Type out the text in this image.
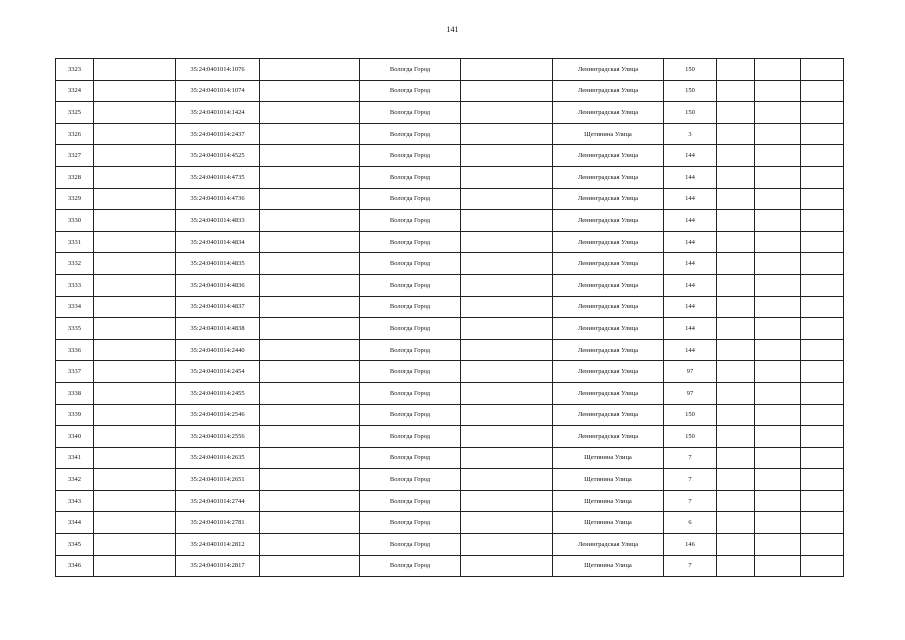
141
3323		35:24:0401014:1076		Вологда Город		Ленинградская Улица	150			
3324		35:24:0401014:1074		Вологда Город		Ленинградская Улица	150			
3325		35:24:0401014:1424		Вологда Город		Ленинградская Улица	150			
3326		35:24:0401014:2437		Вологда Город		Щетинина Улица	3			
3327		35:24:0401014:4525		Вологда Город		Ленинградская Улица	144			
3328		35:24:0401014:4735		Вологда Город		Ленинградская Улица	144			
3329		35:24:0401014:4736		Вологда Город		Ленинградская Улица	144			
3330		35:24:0401014:4833		Вологда Город		Ленинградская Улица	144			
3331		35:24:0401014:4834		Вологда Город		Ленинградская Улица	144			
3332		35:24:0401014:4835		Вологда Город		Ленинградская Улица	144			
3333		35:24:0401014:4836		Вологда Город		Ленинградская Улица	144			
3334		35:24:0401014:4837		Вологда Город		Ленинградская Улица	144			
3335		35:24:0401014:4838		Вологда Город		Ленинградская Улица	144			
3336		35:24:0401014:2440		Вологда Город		Ленинградская Улица	144			
3337		35:24:0401014:2454		Вологда Город		Ленинградская Улица	97			
3338		35:24:0401014:2455		Вологда Город		Ленинградская Улица	97			
3339		35:24:0401014:2546		Вологда Город		Ленинградская Улица	150			
3340		35:24:0401014:2556		Вологда Город		Ленинградская Улица	150			
3341		35:24:0401014:2635		Вологда Город		Щетинина Улица	7			
3342		35:24:0401014:2651		Вологда Город		Щетинина Улица	7			
3343		35:24:0401014:2744		Вологда Город		Щетинина Улица	7			
3344		35:24:0401014:2781		Вологда Город		Щетинина Улица	6			
3345		35:24:0401014:2812		Вологда Город		Ленинградская Улица	146			
3346		35:24:0401014:2817		Вологда Город		Щетинина Улица	7			
